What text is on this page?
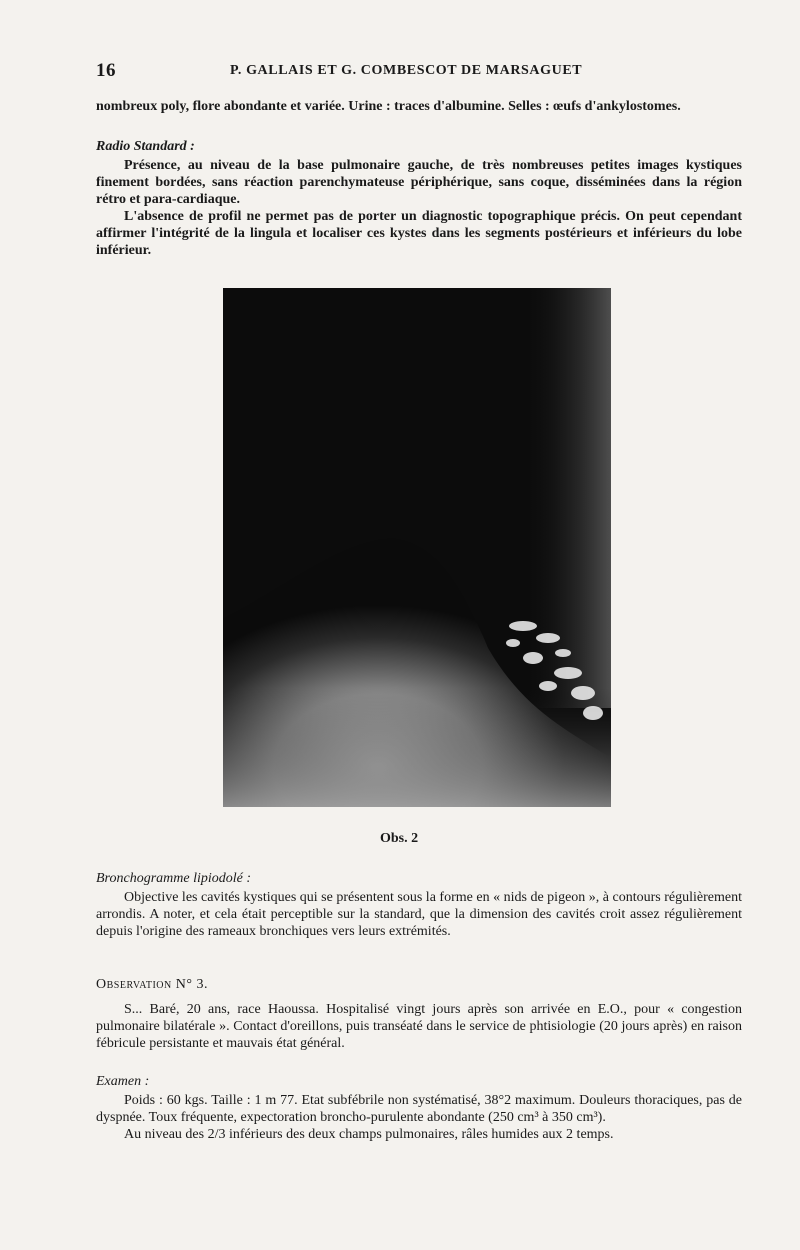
16	P. GALLAIS ET G. COMBESCOT DE MARSAGUET

nombreux poly, flore abondante et variée. Urine : traces d'albumine. Selles : œufs d'ankylostomes.

Radio Standard :

Présence, au niveau de la base pulmonaire gauche, de très nombreuses petites images kystiques finement bordées, sans réaction parenchymateuse périphérique, sans coque, disséminées dans la région rétro et para-cardiaque.

L'absence de profil ne permet pas de porter un diagnostic topographique précis. On peut cependant affirmer l'intégrité de la lingula et localiser ces kystes dans les segments postérieurs et inférieurs du lobe inférieur.

Obs. 2
Bronchogramme lipiodolé :

Objective les cavités kystiques qui se présentent sous la forme en « nids de pigeon », à contours régulièrement arrondis. A noter, et cela était perceptible sur la standard, que la dimension des cavités croit assez régulièrement depuis l'origine des rameaux bronchiques vers leurs extrémités.

Observation N° 3.

S... Baré, 20 ans, race Haoussa. Hospitalisé vingt jours après son arrivée en E.O., pour « congestion pulmonaire bilatérale ». Contact d'oreillons, puis transéaté dans le service de phtisiologie (20 jours après) en raison fébricule persistante et mauvais état général.

Examen :

Poids : 60 kgs. Taille : 1 m 77. Etat subfébrile non systématisé, 38°2 maximum. Douleurs thoraciques, pas de dyspnée. Toux fréquente, expectoration broncho-purulente abondante (250 cm³ à 350 cm³).

Au niveau des 2/3 inférieurs des deux champs pulmonaires, râles humides aux 2 temps.
